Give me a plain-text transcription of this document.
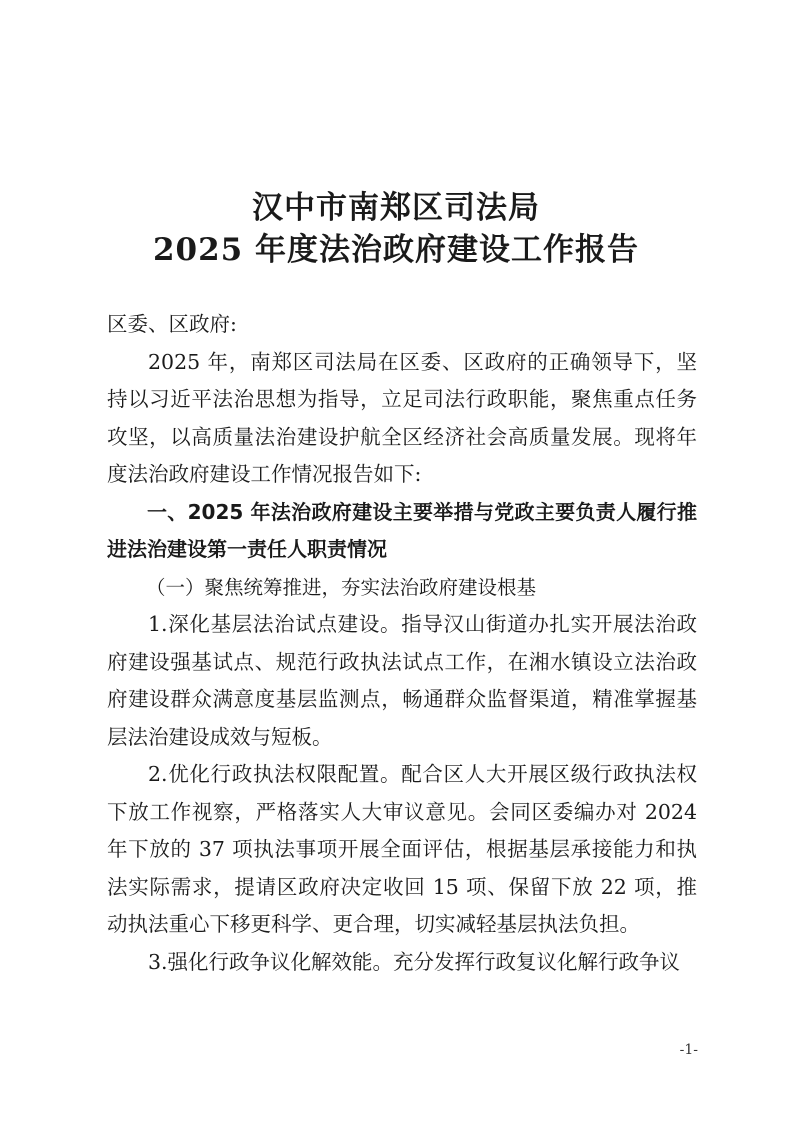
汉中市南郑区司法局
2025 年度法治政府建设工作报告

区委、区政府:

2025 年，南郑区司法局在区委、区政府的正确领导下，坚持以习近平法治思想为指导，立足司法行政职能，聚焦重点任务攻坚，以高质量法治建设护航全区经济社会高质量发展。现将年度法治政府建设工作情况报告如下:

一、2025 年法治政府建设主要举措与党政主要负责人履行推进法治建设第一责任人职责情况

（一）聚焦统筹推进，夯实法治政府建设根基

1.深化基层法治试点建设。指导汉山街道办扎实开展法治政府建设强基试点、规范行政执法试点工作，在湘水镇设立法治政府建设群众满意度基层监测点，畅通群众监督渠道，精准掌握基层法治建设成效与短板。

2.优化行政执法权限配置。配合区人大开展区级行政执法权下放工作视察，严格落实人大审议意见。会同区委编办对 2024 年下放的 37 项执法事项开展全面评估，根据基层承接能力和执法实际需求，提请区政府决定收回 15 项、保留下放 22 项，推动执法重心下移更科学、更合理，切实减轻基层执法负担。

3.强化行政争议化解效能。充分发挥行政复议化解行政争议

-1-
